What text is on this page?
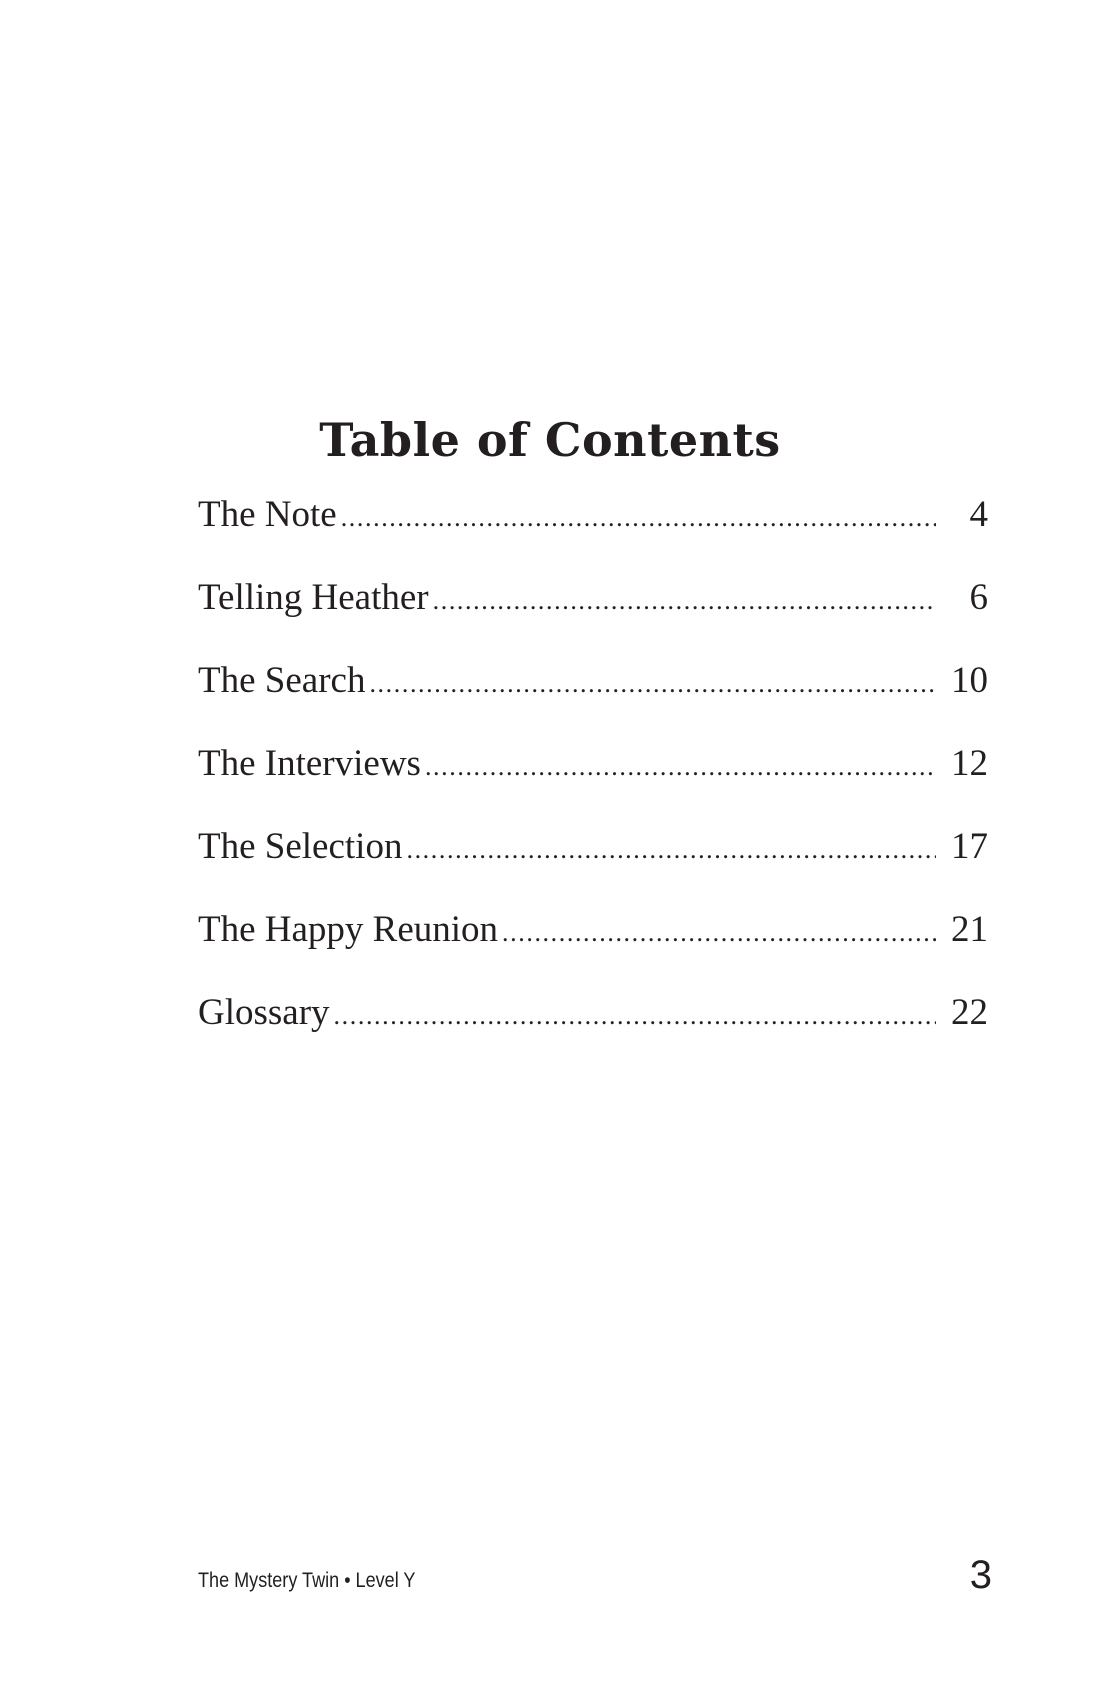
Table of Contents
The Note .....	4
Telling Heather .....	6
The Search .....	10
The Interviews .....	12
The Selection .....	17
The Happy Reunion .....	21
Glossary .....	22
The Mystery Twin • Level Y	3
